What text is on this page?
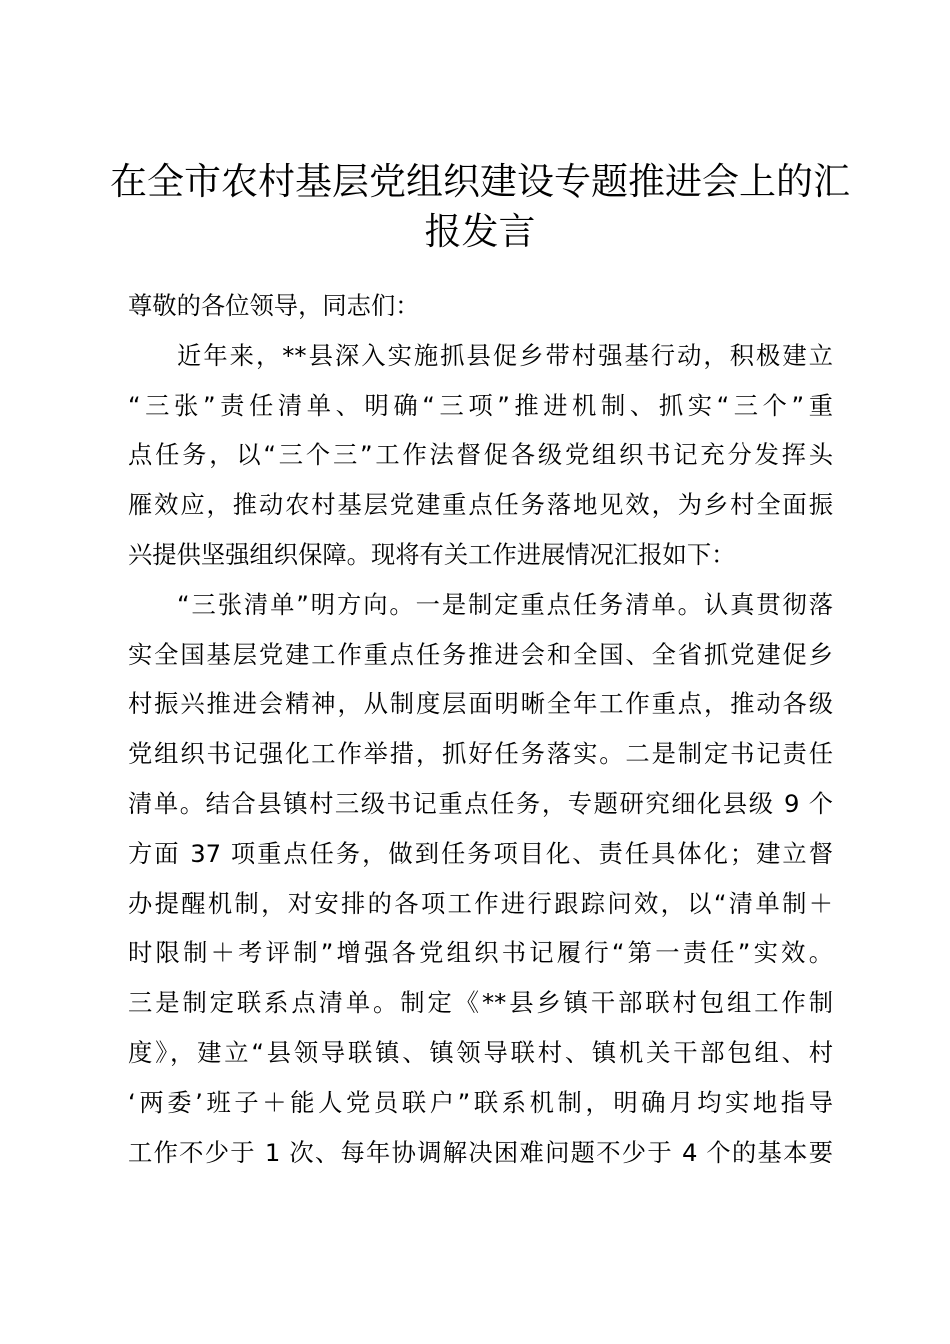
在全市农村基层党组织建设专题推进会上的汇
报发言
尊敬的各位领导，同志们：
近年来，**县深入实施抓县促乡带村强基行动，积极建立
“三张”责任清单、明确“三项”推进机制、抓实“三个”重
点任务，以“三个三”工作法督促各级党组织书记充分发挥头
雁效应，推动农村基层党建重点任务落地见效，为乡村全面振
兴提供坚强组织保障。现将有关工作进展情况汇报如下：
“三张清单”明方向。一是制定重点任务清单。认真贯彻落
实全国基层党建工作重点任务推进会和全国、全省抓党建促乡
村振兴推进会精神，从制度层面明晰全年工作重点，推动各级
党组织书记强化工作举措，抓好任务落实。二是制定书记责任
清单。结合县镇村三级书记重点任务，专题研究细化县级 9 个
方面 37 项重点任务，做到任务项目化、责任具体化；建立督
办提醒机制，对安排的各项工作进行跟踪问效，以“清单制＋
时限制＋考评制”增强各党组织书记履行“第一责任”实效。
三是制定联系点清单。制定《**县乡镇干部联村包组工作制
度》，建立“县领导联镇、镇领导联村、镇机关干部包组、村
‘两委’班子＋能人党员联户”联系机制，明确月均实地指导
工作不少于 1 次、每年协调解决困难问题不少于 4 个的基本要
